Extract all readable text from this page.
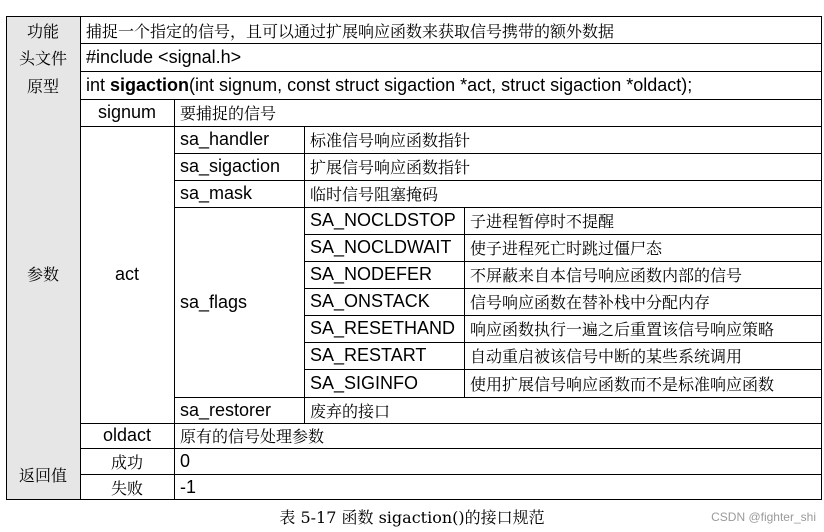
功能	捕捉一个指定的信号，且可以通过扩展响应函数来获取信号携带的额外数据
头文件	#include <signal.h>
原型	int sigaction (int signum, const struct sigaction *act, struct sigaction *oldact);
参数
signum	要捕捉的信号
act
sa_handler	标准信号响应函数指针
sa_sigaction	扩展信号响应函数指针
sa_mask	临时信号阻塞掩码
sa_flags
SA_NOCLDSTOP 子进程暂停时不提醒
SA_NOCLDWAIT	使子进程死亡时跳过僵尸态
SA_NODEFER	不屏蔽来自本信号响应函数内部的信号
SA_ONSTACK	信号响应函数在替补栈中分配内存
SA_RESETHAND 响应函数执行一遍之后重置该信号响应策略
SA_RESTART	自动重启被该信号中断的某些系统调用
SA_SIGINFO	使用扩展信号响应函数而不是标准响应函数
sa_restorer	废弃的接口
oldact	原有的信号处理参数
返回值
成功	0
失败	-1
表 5-17 函数 sigaction()的接口规范	CSDN @fighter_shi
